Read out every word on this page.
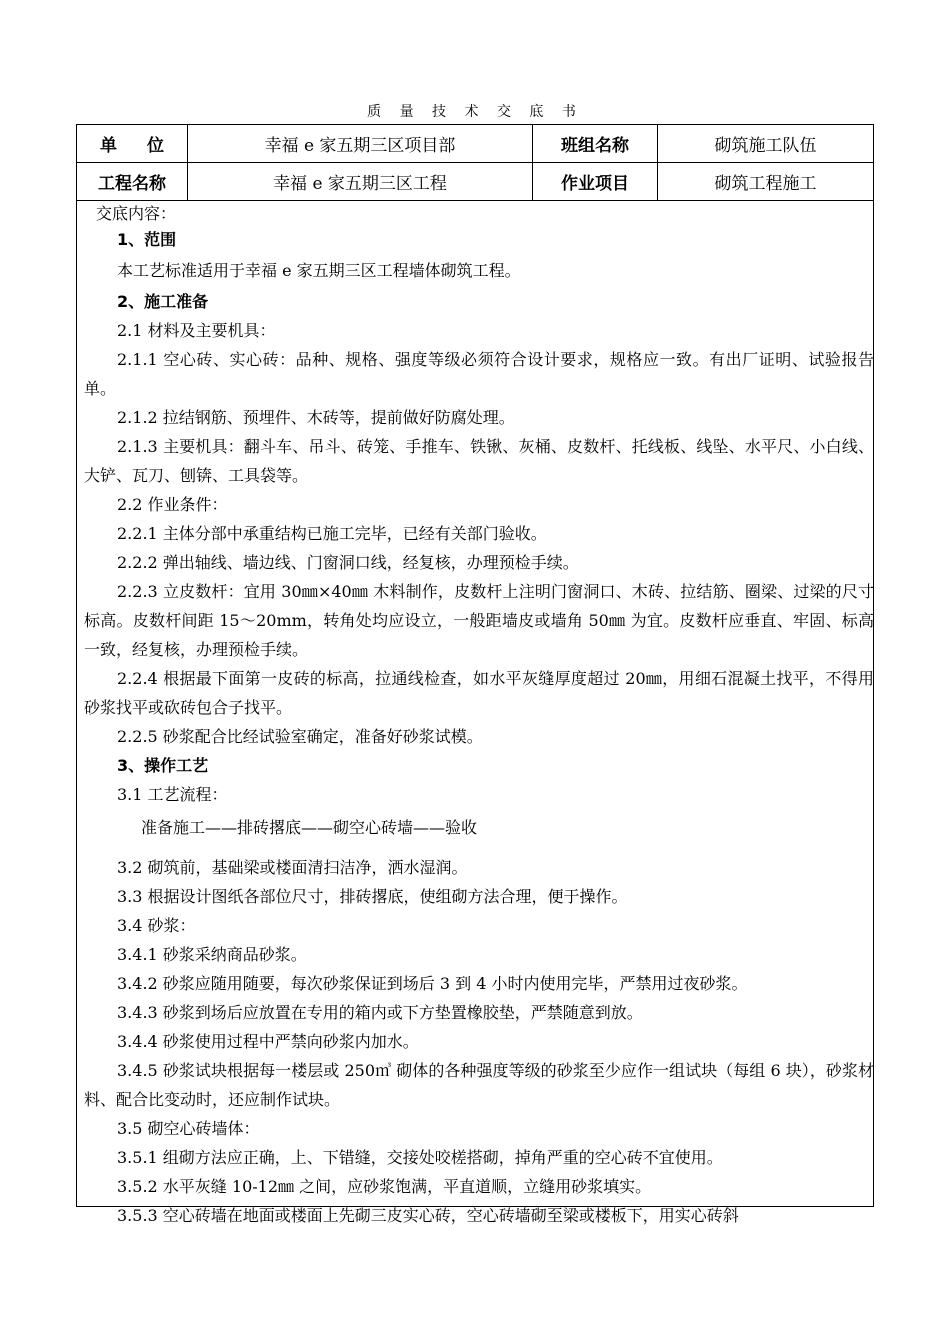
质 量 技 术 交 底 书
单 位	幸福 e 家五期三区项目部	班组名称	砌筑施工队伍
工程名称	幸福 e 家五期三区工程	作业项目	砌筑工程施工
交底内容：
1、范围
本工艺标准适用于幸福 e 家五期三区工程墙体砌筑工程。
2、施工准备
2.1 材料及主要机具：
2.1.1 空心砖、实心砖：品种、规格、强度等级必须符合设计要求，规格应一致。有出厂证明、试验报告单。
2.1.2 拉结钢筋、预埋件、木砖等，提前做好防腐处理。
2.1.3 主要机具：翻斗车、吊斗、砖笼、手推车、铁锹、灰桶、皮数杆、托线板、线坠、水平尺、小白线、大铲、瓦刀、刨锛、工具袋等。
2.2 作业条件：
2.2.1 主体分部中承重结构已施工完毕，已经有关部门验收。
2.2.2 弹出轴线、墙边线、门窗洞口线，经复核，办理预检手续。
2.2.3 立皮数杆：宜用 30㎜×40㎜ 木料制作，皮数杆上注明门窗洞口、木砖、拉结筋、圈梁、过梁的尺寸标高。皮数杆间距 15～20mm，转角处均应设立，一般距墙皮或墙角 50㎜ 为宜。皮数杆应垂直、牢固、标高一致，经复核，办理预检手续。
2.2.4 根据最下面第一皮砖的标高，拉通线检查，如水平灰缝厚度超过 20㎜，用细石混凝土找平，不得用砂浆找平或砍砖包合子找平。
2.2.5 砂浆配合比经试验室确定，准备好砂浆试模。
3、操作工艺
3.1 工艺流程：
准备施工——排砖撂底——砌空心砖墙——验收
3.2 砌筑前，基础梁或楼面清扫洁净，洒水湿润。
3.3 根据设计图纸各部位尺寸，排砖撂底，使组砌方法合理，便于操作。
3.4 砂浆：
3.4.1 砂浆采纳商品砂浆。
3.4.2 砂浆应随用随要，每次砂浆保证到场后 3 到 4 小时内使用完毕，严禁用过夜砂浆。
3.4.3 砂浆到场后应放置在专用的箱内或下方垫置橡胶垫，严禁随意到放。
3.4.4 砂浆使用过程中严禁向砂浆内加水。
3.4.5 砂浆试块根据每一楼层或 250㎥ 砌体的各种强度等级的砂浆至少应作一组试块（每组 6 块），砂浆材料、配合比变动时，还应制作试块。
3.5 砌空心砖墙体：
3.5.1 组砌方法应正确，上、下错缝，交接处咬槎搭砌，掉角严重的空心砖不宜使用。
3.5.2 水平灰缝 10-12㎜ 之间，应砂浆饱满，平直道顺，立缝用砂浆填实。
3.5.3 空心砖墙在地面或楼面上先砌三皮实心砖，空心砖墙砌至梁或楼板下，用实心砖斜
